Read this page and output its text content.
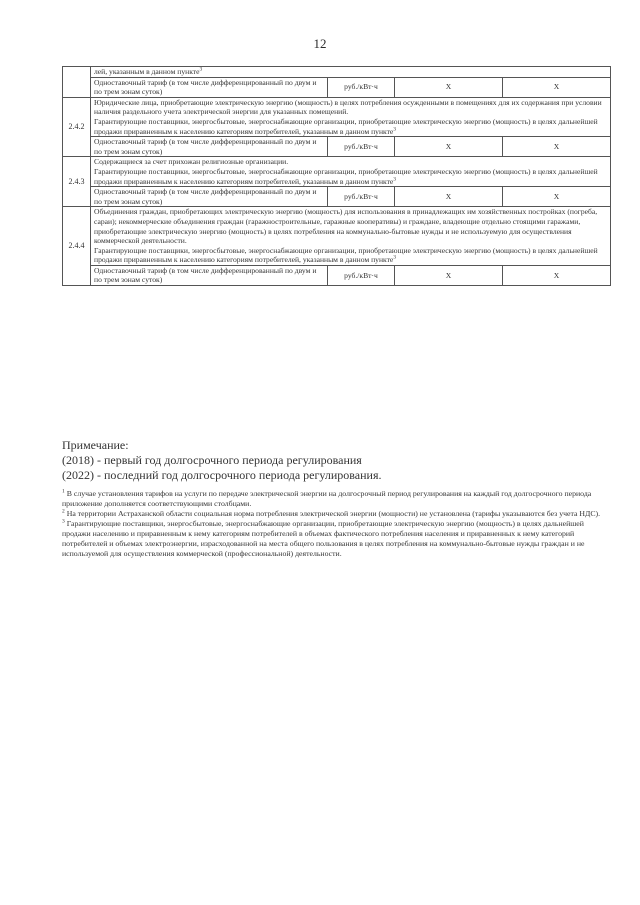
12
	лей, указанным в данном пункте$^3$
	Одноставочный тариф (в том числе дифференцированный по двум и по трем зонам суток)	руб./кВт·ч	X	X
2.4.2	Юридические лица, приобретающие электрическую энергию (мощность) в целях потребления осужденными в помещениях для их содержания при условии наличия раздельного учета электрической энергии для указанных помещений.
Гарантирующие поставщики, энергосбытовые, энергоснабжающие организации, приобретающие электрическую энергию (мощность) в целях дальнейшей продажи приравненным к населению категориям потребителей, указанным в данном пункте$^3$

	Одноставочный тариф (в том числе дифференцированный по двум и по трем зонам суток)	руб./кВт·ч	X	X
2.4.3	Содержащиеся за счет прихожан религиозные организации.
Гарантирующие поставщики, энергосбытовые, энергоснабжающие организации, приобретающие электрическую энергию (мощность) в целях дальнейшей продажи приравненным к населению категориям потребителей, указанным в данном пункте$^3$

	Одноставочный тариф (в том числе дифференцированный по двум и по трем зонам суток)	руб./кВт·ч	X	X
2.4.4	Объединения граждан, приобретающих электрическую энергию (мощность) для использования в принадлежащих им хозяйственных постройках (погреба, сараи); некоммерческие объединения граждан (гаражностроительные, гаражные кооперативы) и граждане, владеющие отдельно стоящими гаражами, приобретающие электрическую энергию (мощность) в целях потребления на коммунально-бытовые нужды и не используемую для осуществления коммерческой деятельности.
Гарантирующие поставщики, энергосбытовые, энергоснабжающие организации, приобретающие электрическую энергию (мощность) в целях дальнейшей продажи приравненным к населению категориям потребителей, указанным в данном пункте$^3$

	Одноставочный тариф (в том числе дифференцированный по двум и по трем зонам суток)	руб./кВт·ч	X	X
Примечание:
(2018) - первый год долгосрочного периода регулирования
(2022) - последний год долгосрочного периода регулирования.
$^1$ В случае установления тарифов на услуги по передаче электрической энергии на долгосрочный период регулирования на каждый год долгосрочного периода приложение дополняется соответствующими столбцами.
$^2$ На территории Астраханской области социальная норма потребления электрической энергии (мощности) не установлена (тарифы указываются без учета НДС).
$^3$ Гарантирующие поставщики, энергосбытовые, энергоснабжающие организации, приобретающие электрическую энергию (мощность) в целях дальнейшей продажи населению и приравненным к нему категориям потребителей в объемах фактического потребления населения и приравненных к нему категорий потребителей и объемах электроэнергии, израсходованной на места общего пользования в целях потребления на коммунально-бытовые нужды граждан и не используемой для осуществления коммерческой (профессиональной) деятельности.
